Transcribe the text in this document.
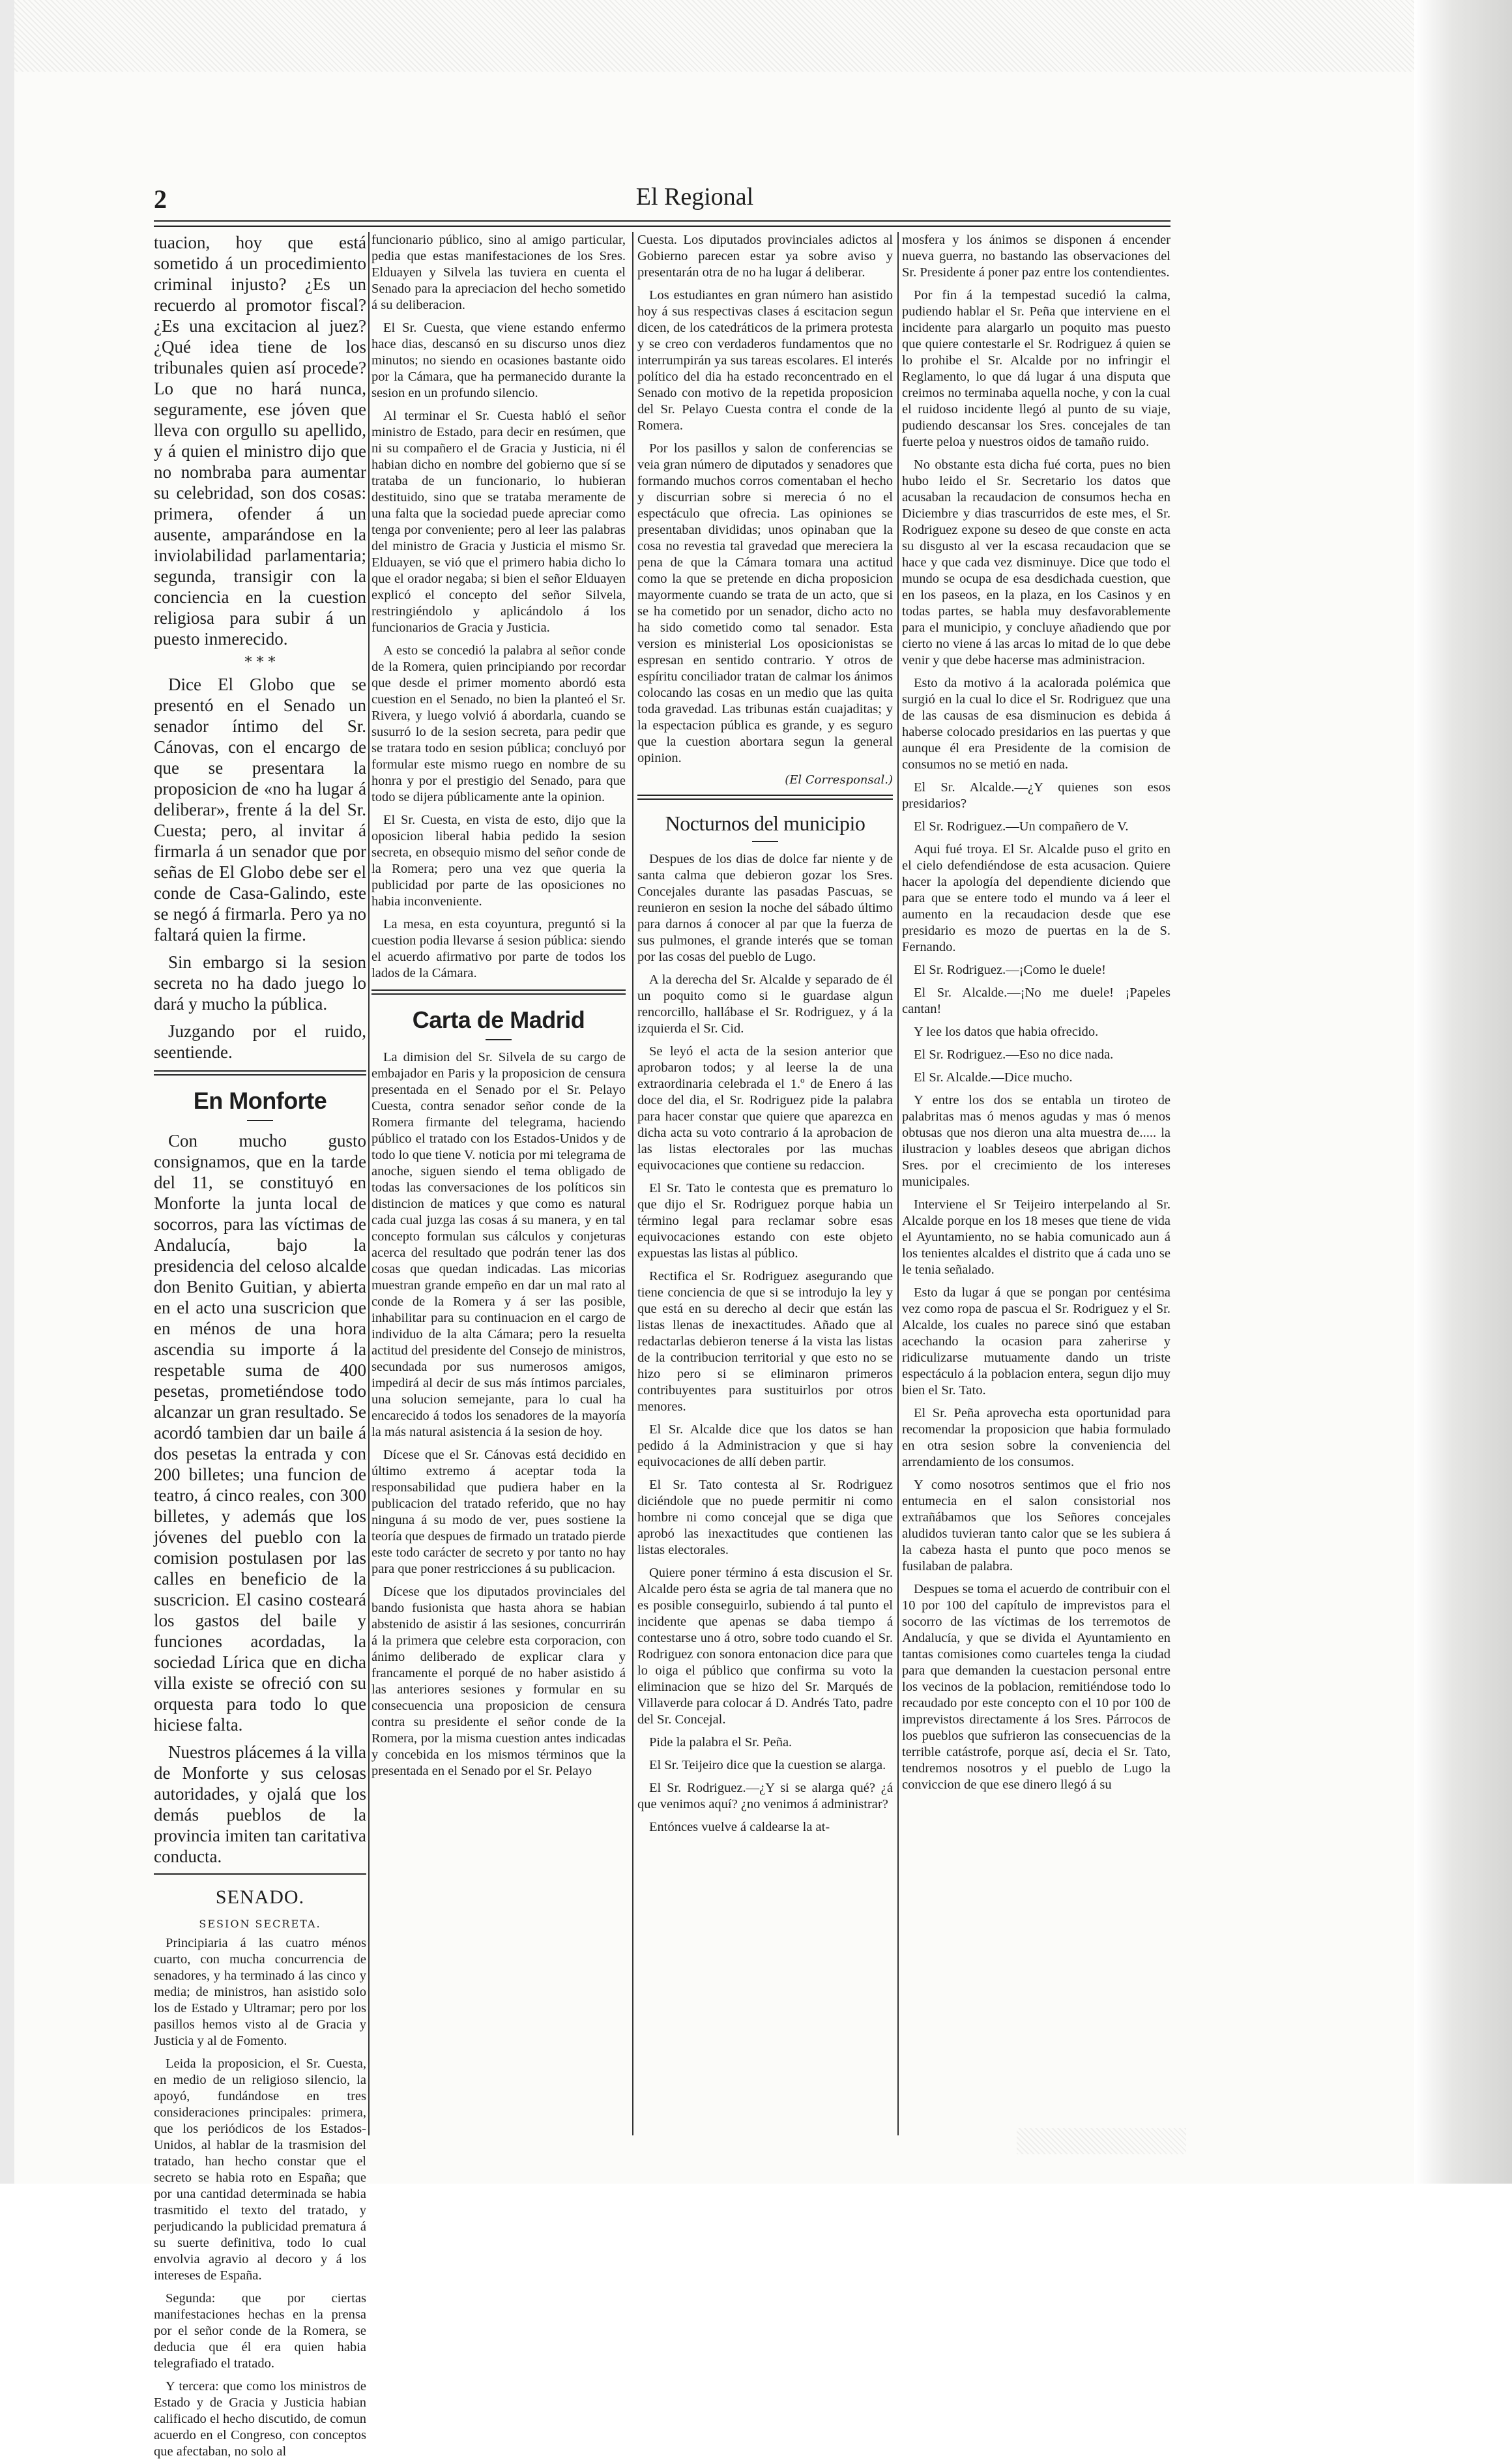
2	El Regional

tuacion, hoy que está sometido á un procedimiento criminal injusto? ¿Es un recuerdo al promotor fiscal? ¿Es una excitacion al juez? ¿Qué idea tiene de los tribunales quien así procede? Lo que no hará nunca, seguramente, ese jóven que lleva con orgullo su apellido, y á quien el ministro dijo que no nombraba para aumentar su celebridad, son dos cosas: primera, ofender á un ausente, amparándose en la inviolabilidad parlamentaria; segunda, transigir con la conciencia en la cuestion religiosa para subir á un puesto inmerecido.

* * *

Dice El Globo que se presentó en el Senado un senador íntimo del Sr. Cánovas, con el encargo de que se presentara la proposicion de «no ha lugar á deliberar», frente á la del Sr. Cuesta; pero, al invitar á firmarla á un senador que por señas de El Globo debe ser el conde de Casa-Galindo, este se negó á firmarla. Pero ya no faltará quien la firme.

Sin embargo si la sesion secreta no ha dado juego lo dará y mucho la pública.

Juzgando por el ruido, seentiende.

En Monforte

Con mucho gusto consignamos, que en la tarde del 11, se constituyó en Monforte la junta local de socorros, para las víctimas de Andalucía, bajo la presidencia del celoso alcalde don Benito Guitian, y abierta en el acto una suscricion que en ménos de una hora ascendia su importe á la respetable suma de 400 pesetas, prometiéndose todo alcanzar un gran resultado. Se acordó tambien dar un baile á dos pesetas la entrada y con 200 billetes; una funcion de teatro, á cinco reales, con 300 billetes, y además que los jóvenes del pueblo con la comision postulasen por las calles en beneficio de la suscricion. El casino costeará los gastos del baile y funciones acordadas, la sociedad Lírica que en dicha villa existe se ofreció con su orquesta para todo lo que hiciese falta.

Nuestros plácemes á la villa de Monforte y sus celosas autoridades, y ojalá que los demás pueblos de la provincia imiten tan caritativa conducta.

SENADO.
SESION SECRETA.

Principiaria á las cuatro ménos cuarto, con mucha concurrencia de senadores, y ha terminado á las cinco y media; de ministros, han asistido solo los de Estado y Ultramar; pero por los pasillos hemos visto al de Gracia y Justicia y al de Fomento.

Leida la proposicion, el Sr. Cuesta, en medio de un religioso silencio, la apoyó, fundándose en tres consideraciones principales: primera, que los periódicos de los Estados-Unidos, al hablar de la trasmision del tratado, han hecho constar que el secreto se habia roto en España; que por una cantidad determinada se habia trasmitido el texto del tratado, y perjudicando la publicidad prematura á su suerte definitiva, todo lo cual envolvia agravio al decoro y á los intereses de España.

Segunda: que por ciertas manifestaciones hechas en la prensa por el señor conde de la Romera, se deducia que él era quien habia telegrafiado el tratado.

Y tercera: que como los ministros de Estado y de Gracia y Justicia habian calificado el hecho discutido, de comun acuerdo en el Congreso, con conceptos que afectaban, no solo al

funcionario público, sino al amigo particular, pedia que estas manifestaciones de los Sres. Elduayen y Silvela las tuviera en cuenta el Senado para la apreciacion del hecho sometido á su deliberacion.

El Sr. Cuesta, que viene estando enfermo hace dias, descansó en su discurso unos diez minutos; no siendo en ocasiones bastante oido por la Cámara, que ha permanecido durante la sesion en un profundo silencio.

Al terminar el Sr. Cuesta habló el señor ministro de Estado, para decir en resúmen, que ni su compañero el de Gracia y Justicia, ni él habian dicho en nombre del gobierno que sí se trataba de un funcionario, lo hubieran destituido, sino que se trataba meramente de una falta que la sociedad puede apreciar como tenga por conveniente; pero al leer las palabras del ministro de Gracia y Justicia el mismo Sr. Elduayen, se vió que el primero habia dicho lo que el orador negaba; si bien el señor Elduayen explicó el concepto del señor Silvela, restringiéndolo y aplicándolo á los funcionarios de Gracia y Justicia.

A esto se concedió la palabra al señor conde de la Romera, quien principiando por recordar que desde el primer momento abordó esta cuestion en el Senado, no bien la planteó el Sr. Rivera, y luego volvió á abordarla, cuando se susurró lo de la sesion secreta, para pedir que se tratara todo en sesion pública; concluyó por formular este mismo ruego en nombre de su honra y por el prestigio del Senado, para que todo se dijera públicamente ante la opinion.

El Sr. Cuesta, en vista de esto, dijo que la oposicion liberal habia pedido la sesion secreta, en obsequio mismo del señor conde de la Romera; pero una vez que queria la publicidad por parte de las oposiciones no habia inconveniente.

La mesa, en esta coyuntura, preguntó si la cuestion podia llevarse á sesion pública: siendo el acuerdo afirmativo por parte de todos los lados de la Cámara.

Carta de Madrid

La dimision del Sr. Silvela de su cargo de embajador en Paris y la proposicion de censura presentada en el Senado por el Sr. Pelayo Cuesta, contra senador señor conde de la Romera firmante del telegrama, haciendo público el tratado con los Estados-Unidos y de todo lo que tiene V. noticia por mi telegrama de anoche, siguen siendo el tema obligado de todas las conversaciones de los políticos sin distincion de matices y que como es natural cada cual juzga las cosas á su manera, y en tal concepto formulan sus cálculos y conjeturas acerca del resultado que podrán tener las dos cosas que quedan indicadas. Las micorias muestran grande empeño en dar un mal rato al conde de la Romera y á ser las posible, inhabilitar para su continuacion en el cargo de individuo de la alta Cámara; pero la resuelta actitud del presidente del Consejo de ministros, secundada por sus numerosos amigos, impedirá al decir de sus más íntimos parciales, una solucion semejante, para lo cual ha encarecido á todos los senadores de la mayoría la más natural asistencia á la sesion de hoy.

Dícese que el Sr. Cánovas está decidido en último extremo á aceptar toda la responsabilidad que pudiera haber en la publicacion del tratado referido, que no hay ninguna á su modo de ver, pues sostiene la teoría que despues de firmado un tratado pierde este todo carácter de secreto y por tanto no hay para que poner restricciones á su publicacion.

Dícese que los diputados provinciales del bando fusionista que hasta ahora se habian abstenido de asistir á las sesiones, concurrirán á la primera que celebre esta corporacion, con ánimo deliberado de explicar clara y francamente el porqué de no haber asistido á las anteriores sesiones y formular en su consecuencia una proposicion de censura contra su presidente el señor conde de la Romera, por la misma cuestion antes indicadas y concebida en los mismos términos que la presentada en el Senado por el Sr. Pelayo

Cuesta. Los diputados provinciales adictos al Gobierno parecen estar ya sobre aviso y presentarán otra de no ha lugar á deliberar.

Los estudiantes en gran número han asistido hoy á sus respectivas clases á escitacion segun dicen, de los catedráticos de la primera protesta y se creo con verdaderos fundamentos que no interrumpirán ya sus tareas escolares. El interés político del dia ha estado reconcentrado en el Senado con motivo de la repetida proposicion del Sr. Pelayo Cuesta contra el conde de la Romera.

Por los pasillos y salon de conferencias se veia gran número de diputados y senadores que formando muchos corros comentaban el hecho y discurrian sobre si merecia ó no el espectáculo que ofrecia. Las opiniones se presentaban divididas; unos opinaban que la cosa no revestia tal gravedad que mereciera la pena de que la Cámara tomara una actitud como la que se pretende en dicha proposicion mayormente cuando se trata de un acto, que si se ha cometido por un senador, dicho acto no ha sido cometido como tal senador. Esta version es ministerial Los oposicionistas se espresan en sentido contrario. Y otros de espíritu conciliador tratan de calmar los ánimos colocando las cosas en un medio que las quita toda gravedad. Las tribunas están cuajaditas; y la espectacion pública es grande, y es seguro que la cuestion abortara segun la general opinion.

(El Corresponsal.)
Nocturnos del municipio

Despues de los dias de dolce far niente y de santa calma que debieron gozar los Sres. Concejales durante las pasadas Pascuas, se reunieron en sesion la noche del sábado último para darnos á conocer al par que la fuerza de sus pulmones, el grande interés que se toman por las cosas del pueblo de Lugo.

A la derecha del Sr. Alcalde y separado de él un poquito como si le guardase algun rencorcillo, hallábase el Sr. Rodriguez, y á la izquierda el Sr. Cid.

Se leyó el acta de la sesion anterior que aprobaron todos; y al leerse la de una extraordinaria celebrada el 1.º de Enero á las doce del dia, el Sr. Rodriguez pide la palabra para hacer constar que quiere que aparezca en dicha acta su voto contrario á la aprobacion de las listas electorales por las muchas equivocaciones que contiene su redaccion.

El Sr. Tato le contesta que es prematuro lo que dijo el Sr. Rodriguez porque habia un término legal para reclamar sobre esas equivocaciones estando con este objeto expuestas las listas al público.

Rectifica el Sr. Rodriguez asegurando que tiene conciencia de que si se introdujo la ley y que está en su derecho al decir que están las listas llenas de inexactitudes. Añado que al redactarlas debieron tenerse á la vista las listas de la contribucion territorial y que esto no se hizo pero si se eliminaron primeros contribuyentes para sustituirlos por otros menores.

El Sr. Alcalde dice que los datos se han pedido á la Administracion y que si hay equivocaciones de allí deben partir.

El Sr. Tato contesta al Sr. Rodriguez diciéndole que no puede permitir ni como hombre ni como concejal que se diga que aprobó las inexactitudes que contienen las listas electorales.

Quiere poner término á esta discusion el Sr. Alcalde pero ésta se agria de tal manera que no es posible conseguirlo, subiendo á tal punto el incidente que apenas se daba tiempo á contestarse uno á otro, sobre todo cuando el Sr. Rodriguez con sonora entonacion dice para que lo oiga el público que confirma su voto la eliminacion que se hizo del Sr. Marqués de Villaverde para colocar á D. Andrés Tato, padre del Sr. Concejal.

Pide la palabra el Sr. Peña.

El Sr. Teijeiro dice que la cuestion se alarga.

El Sr. Rodriguez.—¿Y si se alarga qué? ¿á que venimos aquí? ¿no venimos á administrar?

Entónces vuelve á caldearse la at-

mosfera y los ánimos se disponen á encender nueva guerra, no bastando las observaciones del Sr. Presidente á poner paz entre los contendientes.

Por fin á la tempestad sucedió la calma, pudiendo hablar el Sr. Peña que interviene en el incidente para alargarlo un poquito mas puesto que quiere contestarle el Sr. Rodriguez á quien se lo prohibe el Sr. Alcalde por no infringir el Reglamento, lo que dá lugar á una disputa que creimos no terminaba aquella noche, y con la cual el ruidoso incidente llegó al punto de su viaje, pudiendo descansar los Sres. concejales de tan fuerte peloa y nuestros oidos de tamaño ruido.

No obstante esta dicha fué corta, pues no bien hubo leido el Sr. Secretario los datos que acusaban la recaudacion de consumos hecha en Diciembre y dias trascurridos de este mes, el Sr. Rodriguez expone su deseo de que conste en acta su disgusto al ver la escasa recaudacion que se hace y que cada vez disminuye. Dice que todo el mundo se ocupa de esa desdichada cuestion, que en los paseos, en la plaza, en los Casinos y en todas partes, se habla muy desfavorablemente para el municipio, y concluye añadiendo que por cierto no viene á las arcas lo mitad de lo que debe venir y que debe hacerse mas administracion.

Esto da motivo á la acalorada polémica que surgió en la cual lo dice el Sr. Rodriguez que una de las causas de esa disminucion es debida á haberse colocado presidarios en las puertas y que aunque él era Presidente de la comision de consumos no se metió en nada.

El Sr. Alcalde.—¿Y quienes son esos presidarios?

El Sr. Rodriguez.—Un compañero de V.

Aqui fué troya. El Sr. Alcalde puso el grito en el cielo defendiéndose de esta acusacion. Quiere hacer la apología del dependiente diciendo que para que se entere todo el mundo va á leer el aumento en la recaudacion desde que ese presidario es mozo de puertas en la de S. Fernando.

El Sr. Rodriguez.—¡Como le duele!

El Sr. Alcalde.—¡No me duele! ¡Papeles cantan!

Y lee los datos que habia ofrecido.

El Sr. Rodriguez.—Eso no dice nada.

El Sr. Alcalde.—Dice mucho.

Y entre los dos se entabla un tiroteo de palabritas mas ó menos agudas y mas ó menos obtusas que nos dieron una alta muestra de..... la ilustracion y loables deseos que abrigan dichos Sres. por el crecimiento de los intereses municipales.

Interviene el Sr Teijeiro interpelando al Sr. Alcalde porque en los 18 meses que tiene de vida el Ayuntamiento, no se habia comunicado aun á los tenientes alcaldes el distrito que á cada uno se le tenia señalado.

Esto da lugar á que se pongan por centésima vez como ropa de pascua el Sr. Rodriguez y el Sr. Alcalde, los cuales no parece sinó que estaban acechando la ocasion para zaherirse y ridiculizarse mutuamente dando un triste espectáculo á la poblacion entera, segun dijo muy bien el Sr. Tato.

El Sr. Peña aprovecha esta oportunidad para recomendar la proposicion que habia formulado en otra sesion sobre la conveniencia del arrendamiento de los consumos.

Y como nosotros sentimos que el frio nos entumecia en el salon consistorial nos extrañábamos que los Señores concejales aludidos tuvieran tanto calor que se les subiera á la cabeza hasta el punto que poco menos se fusilaban de palabra.

Despues se toma el acuerdo de contribuir con el 10 por 100 del capítulo de imprevistos para el socorro de las víctimas de los terremotos de Andalucía, y que se divida el Ayuntamiento en tantas comisiones como cuarteles tenga la ciudad para que demanden la cuestacion personal entre los vecinos de la poblacion, remitiéndose todo lo recaudado por este concepto con el 10 por 100 de imprevistos directamente á los Sres. Párrocos de los pueblos que sufrieron las consecuencias de la terrible catástrofe, porque así, decia el Sr. Tato, tendremos nosotros y el pueblo de Lugo la conviccion de que ese dinero llegó á su
